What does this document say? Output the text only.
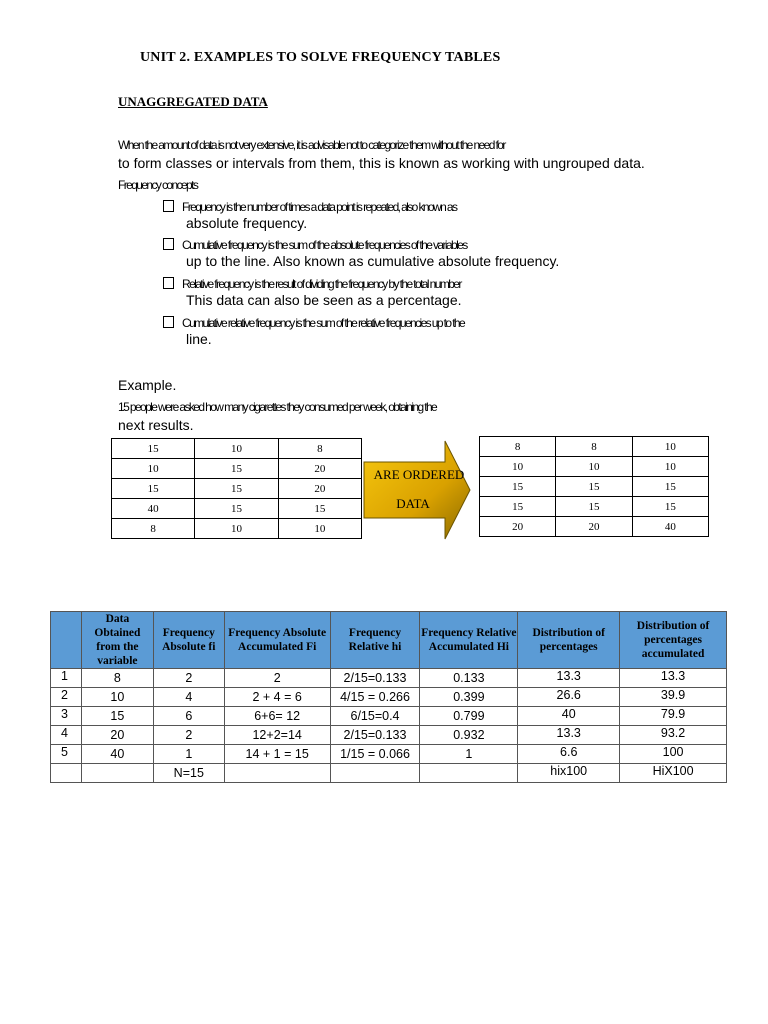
UNIT 2. EXAMPLES TO SOLVE FREQUENCY TABLES
UNAGGREGATED DATA
When the amount of data is not very extensive, it is advisable not to categorize them without the need for
to form classes or intervals from them, this is known as working with ungrouped data.
Frequency concepts
Frequency is the number of times a data point is repeated, also known as
absolute frequency.
Cumulative frequency is the sum of the absolute frequencies of the variables
up to the line. Also known as cumulative absolute frequency.
Relative frequency is the result of dividing the frequency by the total number
This data can also be seen as a percentage.
Cumulative relative frequency is the sum of the relative frequencies up to the
line.
Example.
15 people were asked how many cigarettes they consumed per week, obtaining the
next results.
15	10	8
10	15	20
15	15	20
40	15	15
8	10	10
ARE ORDERED
DATA
8	8	10
10	10	10
15	15	15
15	15	15
20	20	40
	Data Obtained from the variable	Frequency Absolute fi	Frequency Absolute Accumulated Fi	Frequency Relative hi	Frequency Relative Accumulated Hi	Distribution of percentages	Distribution of percentages accumulated
1	8	2	2	2/15=0.133	0.133	13.3	13.3
2	10	4	2 + 4 = 6	4/15 = 0.266	0.399	26.6	39.9
3	15	6	6+6= 12	6/15=0.4	0.799	40	79.9
4	20	2	12+2=14	2/15=0.133	0.932	13.3	93.2
5	40	1	14 + 1 = 15	1/15 = 0.066	1	6.6	100
		N=15				hix100	HiX100
